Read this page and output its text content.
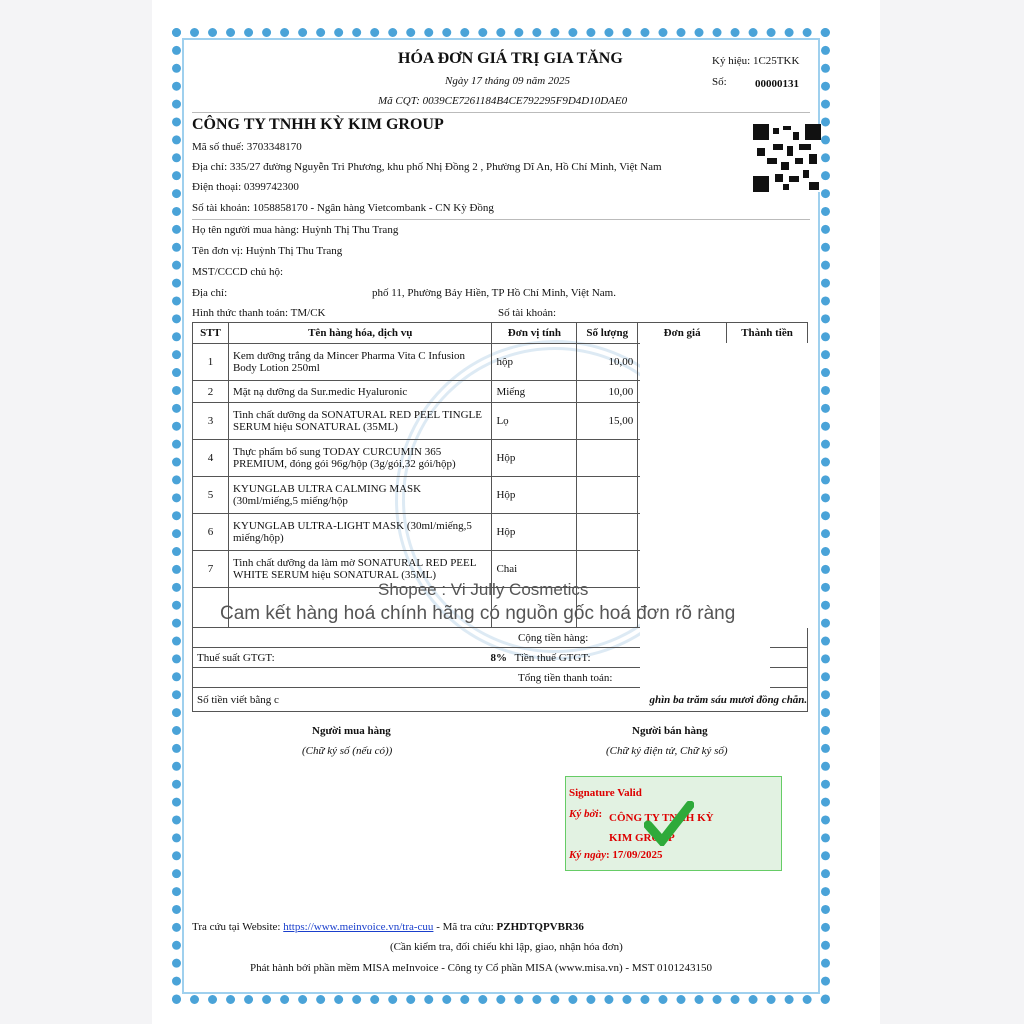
HÓA ĐƠN GIÁ TRỊ GIA TĂNG
Ngày 17 tháng 09 năm 2025
Mã CQT: 0039CE7261184B4CE792295F9D4D10DAE0
Ký hiệu: 1C25TKK
Số:	00000131
CÔNG TY TNHH KỲ KIM GROUP
Mã số thuế: 3703348170
Địa chỉ: 335/27 đường Nguyễn Tri Phương, khu phố Nhị Đồng 2 , Phường Dĩ An, Hồ Chí Minh, Việt Nam
Điện thoại: 0399742300
Số tài khoản: 1058858170 - Ngân hàng Vietcombank - CN Kỳ Đồng
Họ tên người mua hàng: Huỳnh Thị Thu Trang
Tên đơn vị: Huỳnh Thị Thu Trang
MST/CCCD chủ hộ:
Địa chỉ:	phố 11, Phường Bảy Hiền, TP Hồ Chí Minh, Việt Nam.
Hình thức thanh toán: TM/CK	Số tài khoản:
STT	Tên hàng hóa, dịch vụ	Đơn vị tính	Số lượng	Đơn giá	Thành tiền
1	Kem dưỡng trắng da Mincer Pharma Vita C Infusion Body Lotion 250ml	hộp	10,00		
2	Mặt nạ dưỡng da Sur.medic Hyaluronic	Miếng	10,00		
3	Tinh chất dưỡng da SONATURAL RED PEEL TINGLE SERUM hiệu SONATURAL (35ML)	Lọ	15,00		
4	Thực phẩm bổ sung TODAY CURCUMIN 365 PREMIUM, đóng gói 96g/hộp (3g/gói,32 gói/hộp)	Hộp			
5	KYUNGLAB ULTRA CALMING MASK (30ml/miếng,5 miếng/hộp	Hộp			
6	KYUNGLAB ULTRA-LIGHT MASK (30ml/miếng,5 miếng/hộp)	Hộp			
7	Tinh chất dưỡng da làm mờ SONATURAL RED PEEL WHITE SERUM hiệu SONATURAL (35ML)	Chai			

Cộng tiền hàng:					
Thuế suất GTGT: 8% Tiền thuế GTGT:					

Tổng tiền thanh toán:					
Số tiền viết bằng c ghìn ba trăm sáu mươi đồng chẵn.					
Shopee : Vi Jully Cosmetics
Cam kết hàng hoá chính hãng có nguồn gốc hoá đơn rõ ràng
Người mua hàng
(Chữ ký số (nếu có))
Người bán hàng
(Chữ ký điện tử, Chữ ký số)
Signature Valid
Ký bởi: CÔNG TY TNHH KỲ KIM GROUP
Ký ngày: 17/09/2025
Tra cứu tại Website: https://www.meinvoice.vn/tra-cuu - Mã tra cứu: PZHDTQPVBR36
(Cần kiểm tra, đối chiếu khi lập, giao, nhận hóa đơn)
Phát hành bởi phần mềm MISA meInvoice - Công ty Cổ phần MISA (www.misa.vn) - MST 0101243150
